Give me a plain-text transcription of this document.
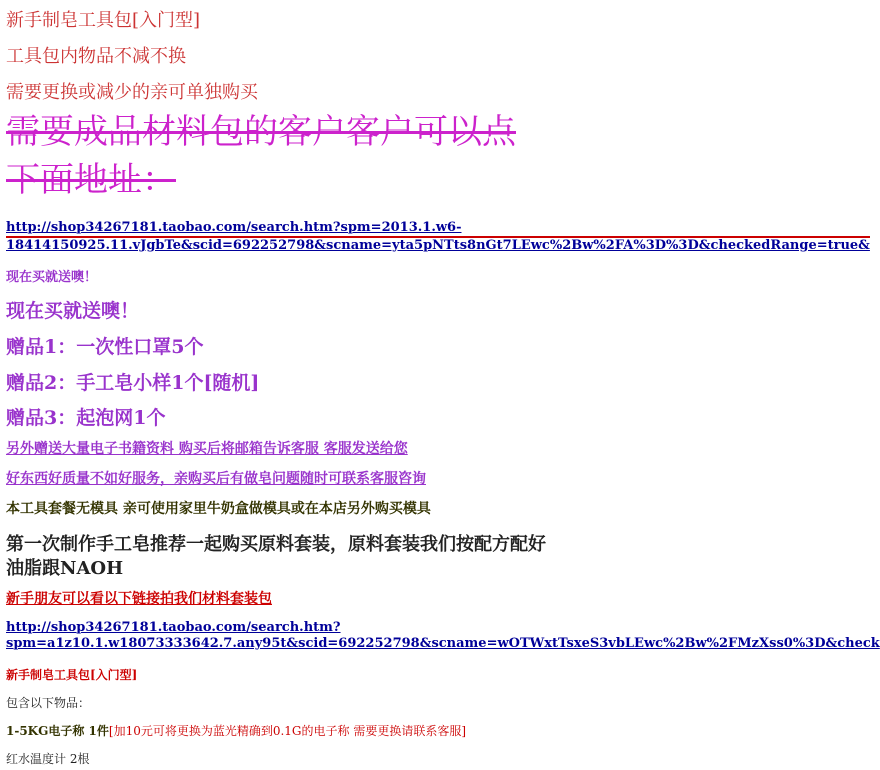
新手制皂工具包[入门型]

工具包内物品不减不换

需要更换或减少的亲可单独购买

需要成品材料包的客户客户可以点

下面地址：

http://shop34267181.taobao.com/search.htm?spm=2013.1.w6-
18414150925.11.vJgbTe&scid=692252798&scname=yta5pNTts8nGt7LEwc%2Bw%2FA%3D%3D&checkedRange=true&

现在买就送噢！

现在买就送噢！

赠品1：一次性口罩5个

赠品2：手工皂小样1个[随机]

赠品3：起泡网1个

另外赠送大量电子书籍资料 购买后将邮箱告诉客服 客服发送给您

好东西好质量不如好服务，亲购买后有做皂问题随时可联系客服咨询

本工具套餐无模具 亲可使用家里牛奶盒做模具或在本店另外购买模具

第一次制作手工皂推荐一起购买原料套装，原料套装我们按配方配好

油脂跟NAOH

新手朋友可以看以下链接拍我们材料套装包

http://shop34267181.taobao.com/search.htm?
spm=a1z10.1.w18073333642.7.any95t&scid=692252798&scname=wOTWxtTsxeS3vbLEwc%2Bw%2FMzXss0%3D&check

新手制皂工具包[入门型]

包含以下物品：

1-5KG电子称 1件[加10元可将更换为蓝光精确到0.1G的电子称 需要更换请联系客服]

红水温度计 2根
